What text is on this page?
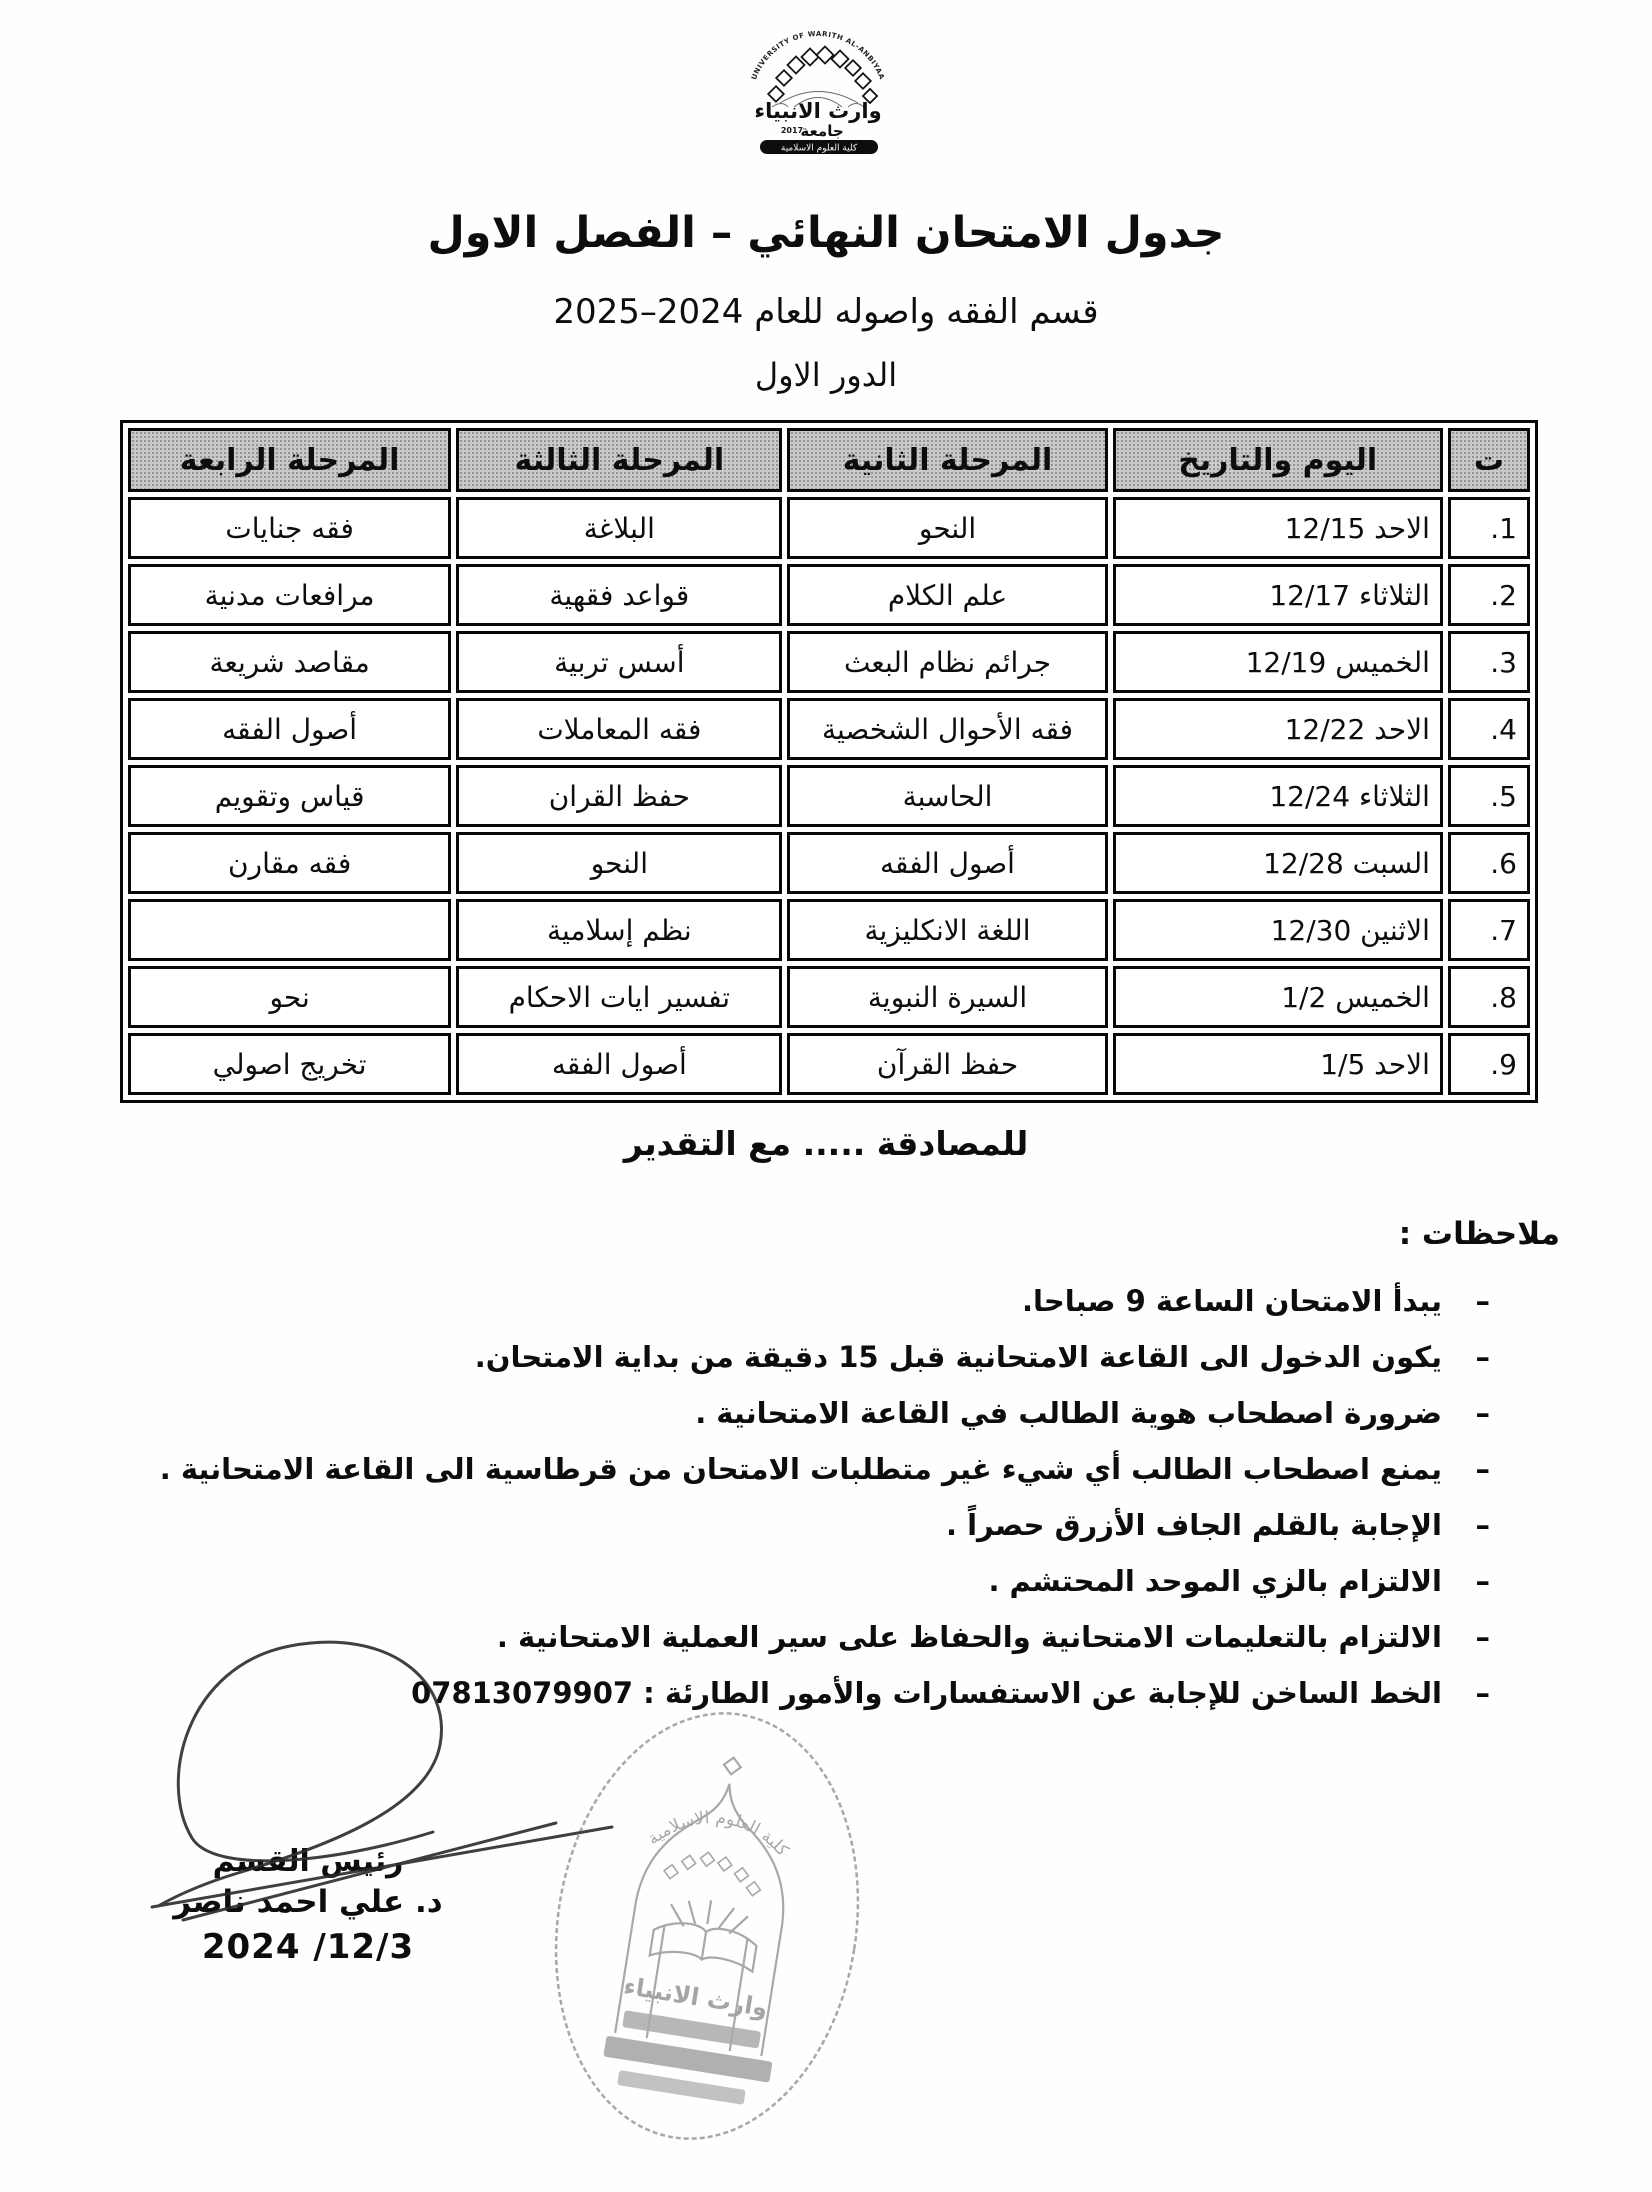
UNIVERSITY OF WARITH AL-ANBIYAA
وارث الانبياء
جامعة
2017
كلية العلوم الاسلامية
جدول الامتحان النهائي – الفصل الاول
قسم الفقه واصوله للعام 2024–2025
الدور الاول
ت	اليوم والتاريخ	المرحلة الثانية	المرحلة الثالثة	المرحلة الرابعة
1.	الاحد 12/15	النحو	البلاغة	فقه جنايات
2.	الثلاثاء 12/17	علم الكلام	قواعد فقهية	مرافعات مدنية
3.	الخميس 12/19	جرائم نظام البعث	أسس تربية	مقاصد شريعة
4.	الاحد 12/22	فقه الأحوال الشخصية	فقه المعاملات	أصول الفقه
5.	الثلاثاء 12/24	الحاسبة	حفظ القران	قياس وتقويم
6.	السبت 12/28	أصول الفقه	النحو	فقه مقارن
7.	الاثنين 12/30	اللغة الانكليزية	نظم إسلامية	
8.	الخميس 1/2	السيرة النبوية	تفسير ايات الاحكام	نحو
9.	الاحد 1/5	حفظ القرآن	أصول الفقه	تخريج اصولي
للمصادقة ..... مع التقدير
ملاحظات :
–
يبدأ الامتحان الساعة 9 صباحا.
–
يكون الدخول الى القاعة الامتحانية قبل 15 دقيقة من بداية الامتحان.
–
ضرورة اصطحاب هوية الطالب في القاعة الامتحانية .
–
يمنع اصطحاب الطالب أي شيء غير متطلبات الامتحان من قرطاسية الى القاعة الامتحانية .
–
الإجابة بالقلم الجاف الأزرق حصراً .
–
الالتزام بالزي الموحد المحتشم .
–
الالتزام بالتعليمات الامتحانية والحفاظ على سير العملية الامتحانية .
–
الخط الساخن للإجابة عن الاستفسارات والأمور الطارئة : 07813079907
رئيس القسم
د. علي احمد ناصر
2024 /12/3
كلية العلوم الاسلامية
وارث الانبياء
